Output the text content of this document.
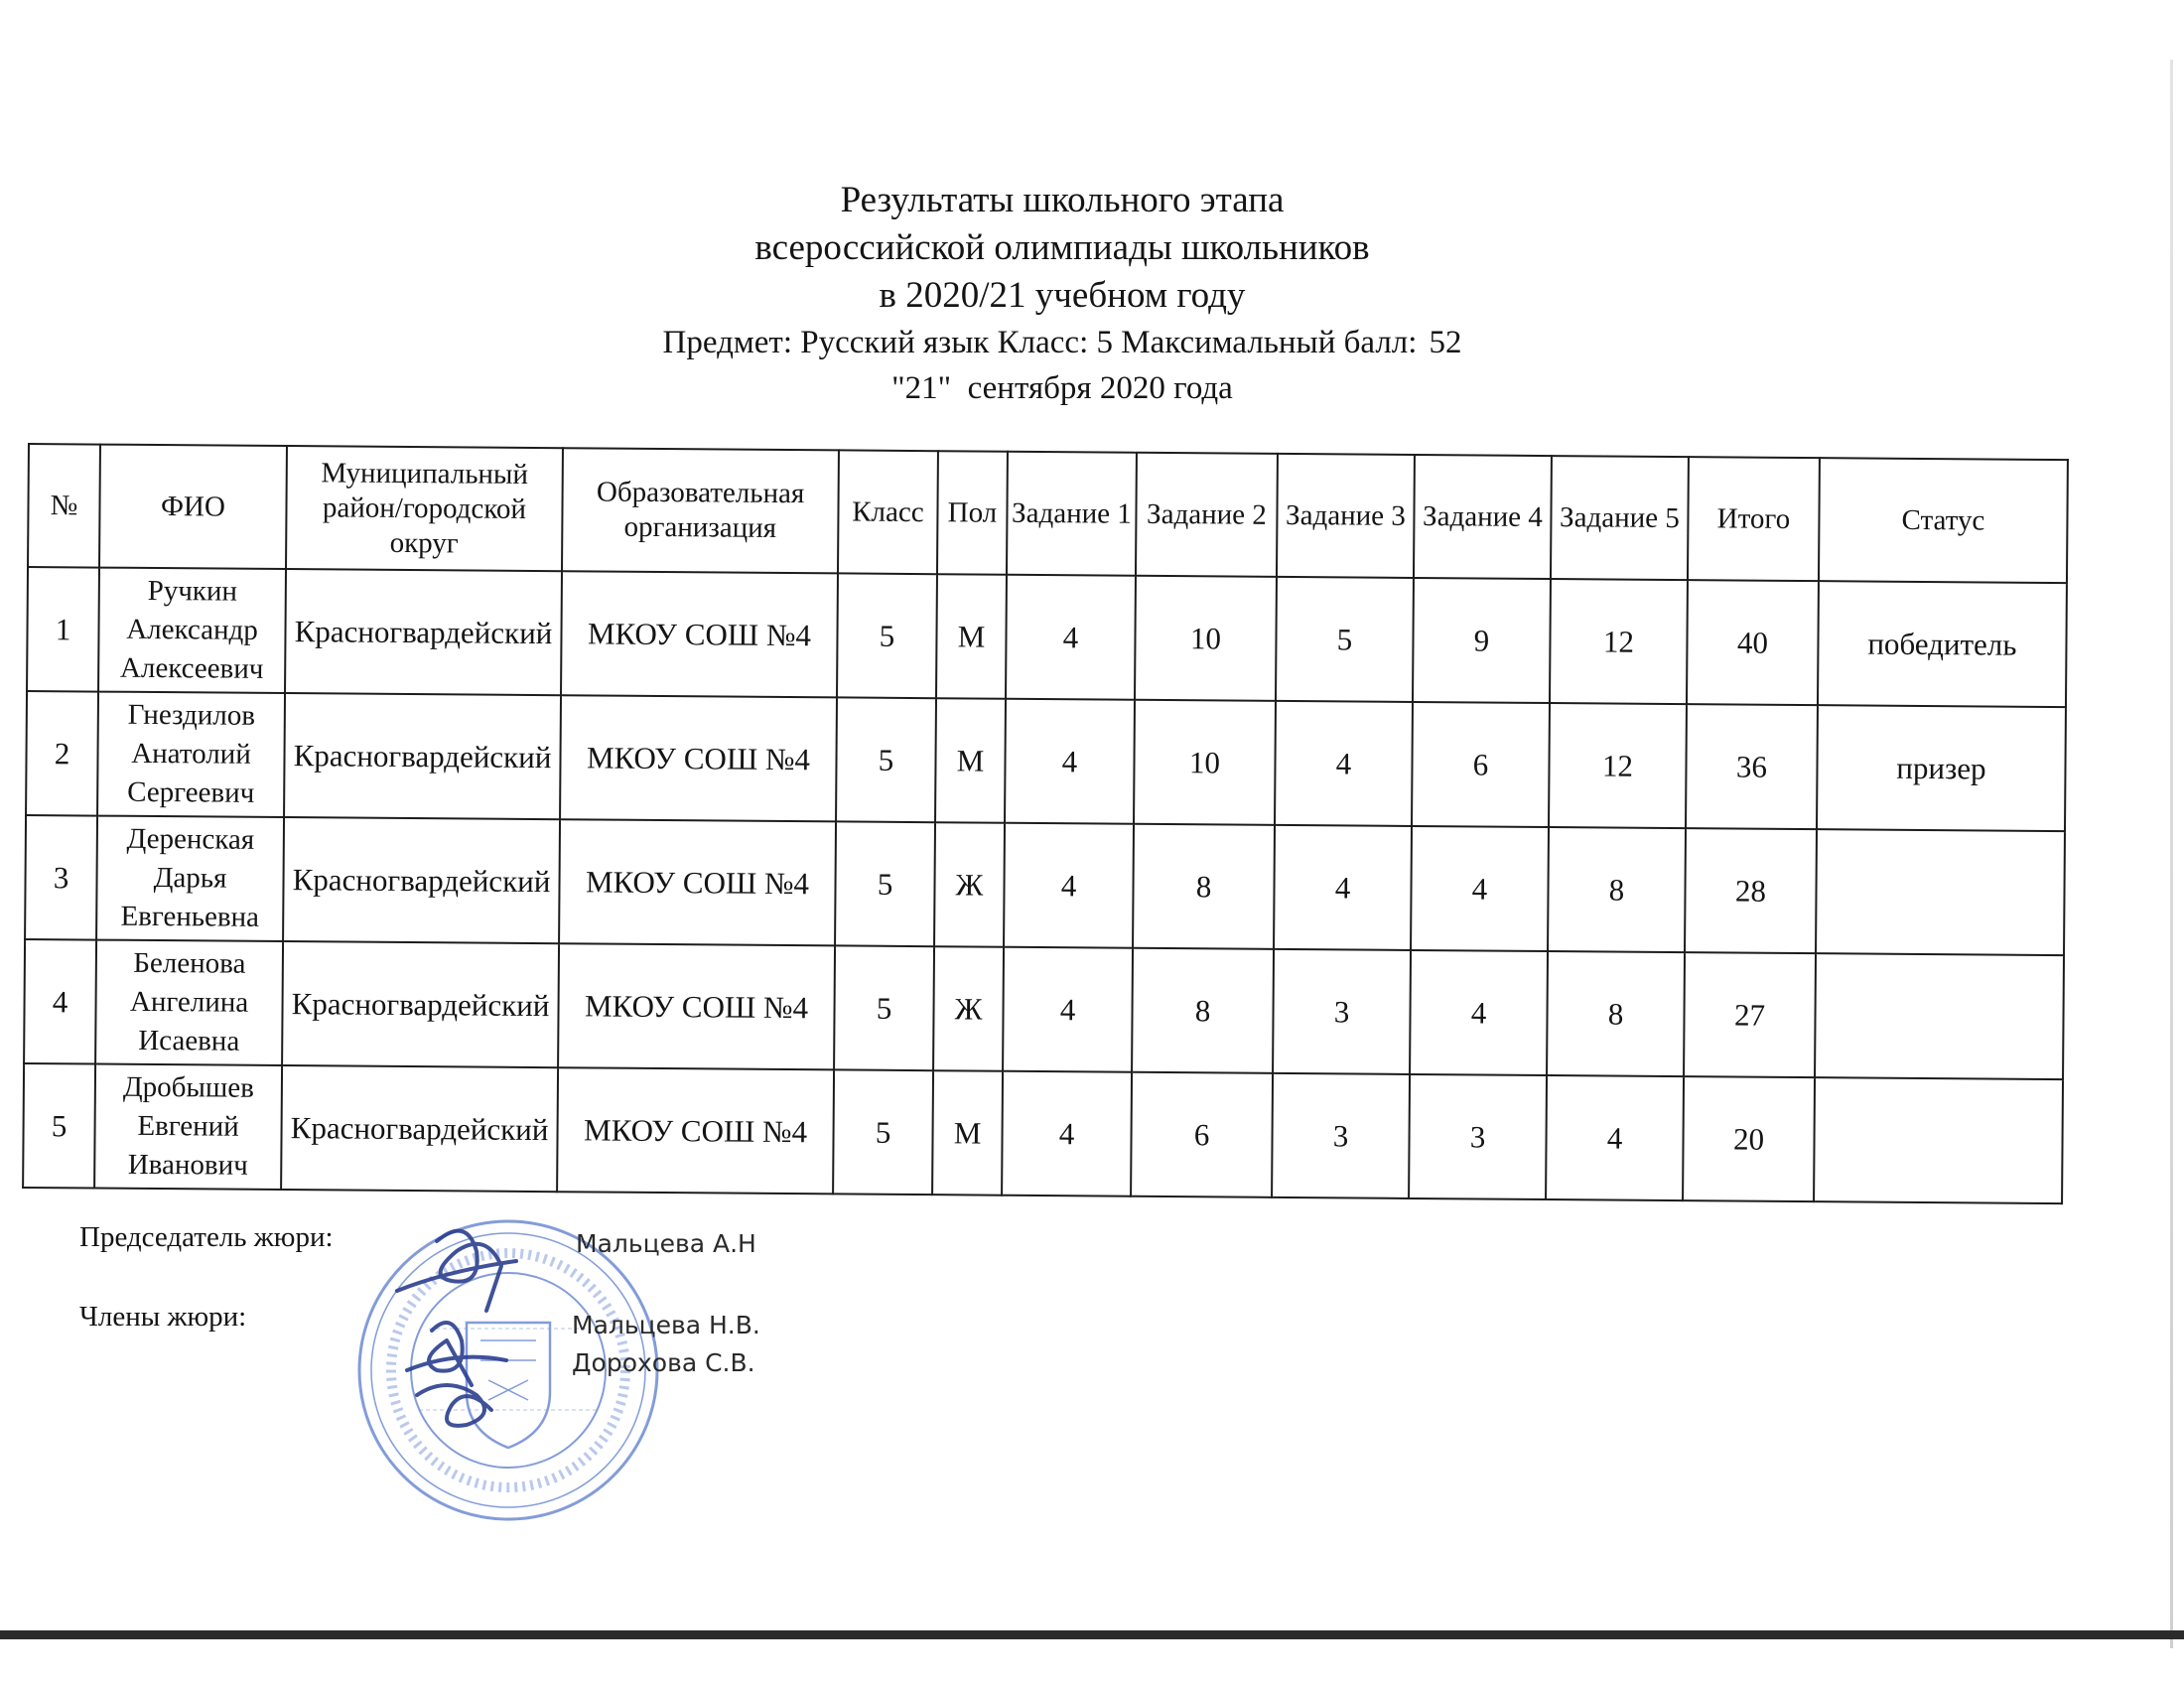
Результаты школьного этапа
всероссийской олимпиады школьников
в 2020/21 учебном году
Предмет: Русский язык Класс: 5 Максимальный балл: 52
"21"  сентября 2020 года
№	ФИО	Муниципальный район/городской округ	Образовательная организация	Класс	Пол	Задание 1	Задание 2	Задание 3	Задание 4	Задание 5	Итого	Статус
1	Ручкин Александр Алексеевич	Красногвардейский	МКОУ СОШ №4	5	М	4	10	5	9	12	40	победитель
2	Гнездилов Анатолий Сергеевич	Красногвардейский	МКОУ СОШ №4	5	М	4	10	4	6	12	36	призер
3	Деренская Дарья Евгеньевна	Красногвардейский	МКОУ СОШ №4	5	Ж	4	8	4	4	8	28	
4	Беленова Ангелина Исаевна	Красногвардейский	МКОУ СОШ №4	5	Ж	4	8	3	4	8	27	
5	Дробышев Евгений Иванович	Красногвардейский	МКОУ СОШ №4	5	М	4	6	3	3	4	20	
Председатель жюри:
Члены жюри:
Мальцева А.Н
Мальцева Н.В.
Дорохова С.В.
